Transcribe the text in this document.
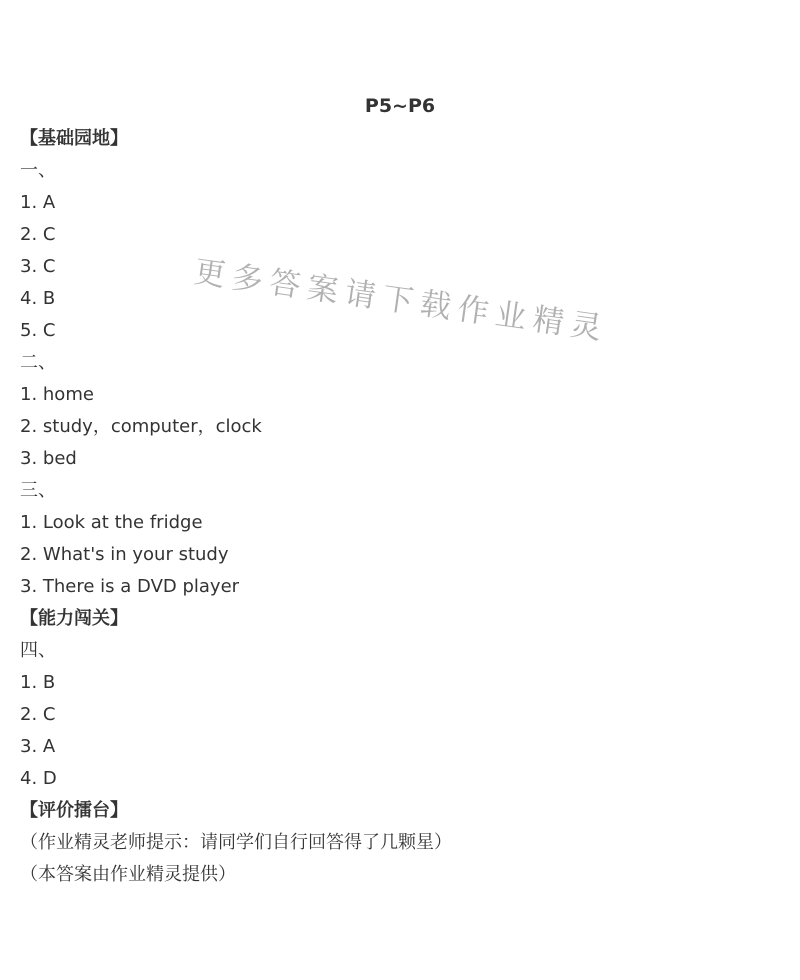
P5~P6
【基础园地】
一、
1. A
2. C
3. C
4. B
5. C
二、
1. home
2. study，computer，clock
3. bed
三、
1. Look at the fridge
2. What's in your study
3. There is a DVD player
【能力闯关】
四、
1. B
2. C
3. A
4. D
【评价擂台】
（作业精灵老师提示：请同学们自行回答得了几颗星）
（本答案由作业精灵提供）
更多答案请下载作业精灵
